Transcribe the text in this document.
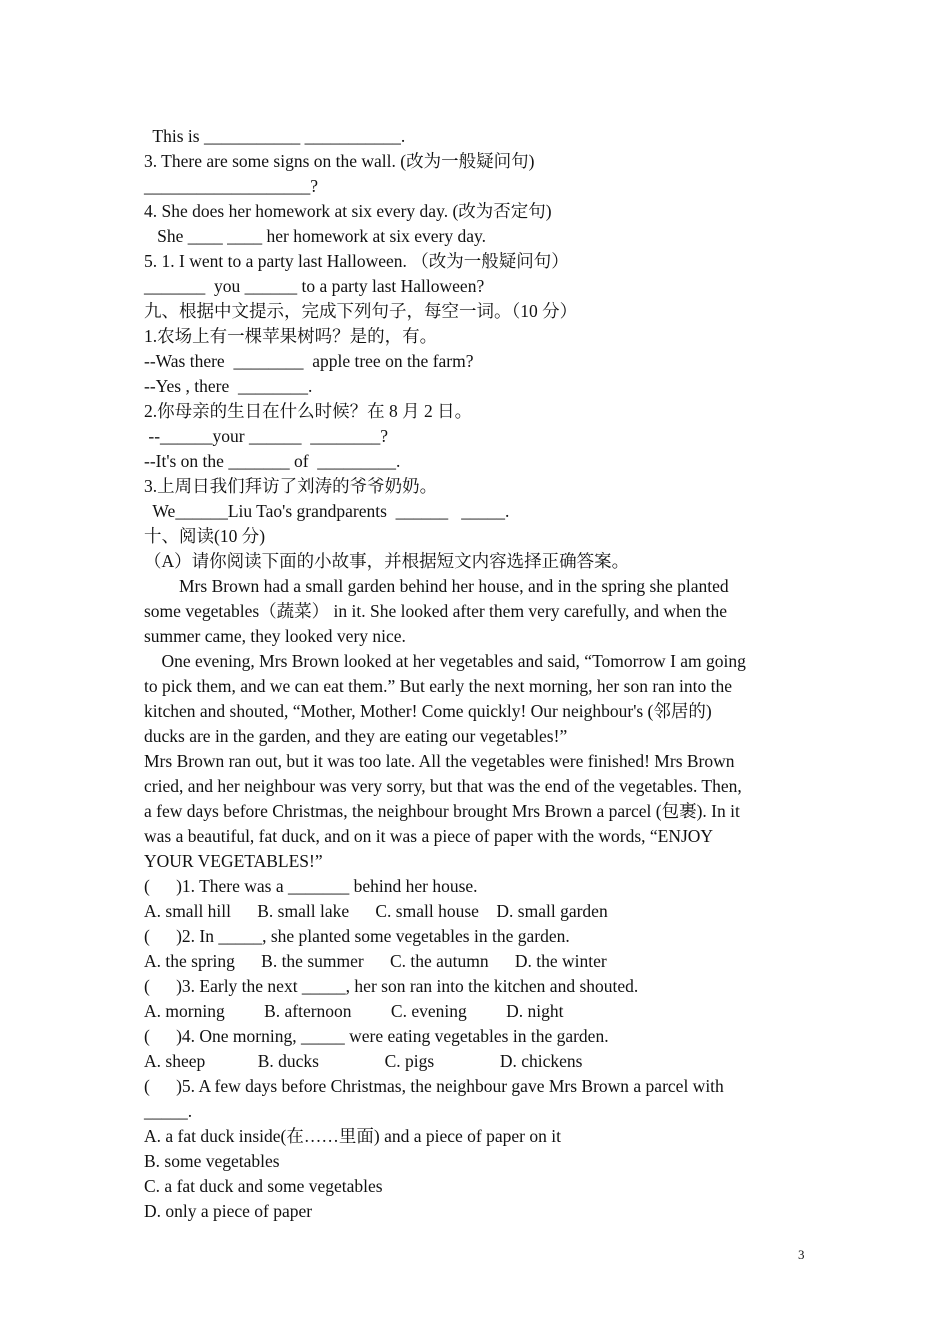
This is ___________ ___________.
3. There are some signs on the wall. (改为一般疑问句)
___________________?
4. She does her homework at six every day. (改为否定句)
She ____ ____ her homework at six every day.
5. 1. I went to a party last Halloween. （改为一般疑问句）
_______  you ______ to a party last Halloween?
九、根据中文提示，完成下列句子，每空一词。（10 分）
1.农场上有一棵苹果树吗？是的，有。
--Was there  ________  apple tree on the farm?
--Yes , there  ________.
2.你母亲的生日在什么时候？在 8 月 2 日。
--______your ______  ________?
--It's on the _______ of  _________.
3.上周日我们拜访了刘涛的爷爷奶奶。
We______Liu Tao's grandparents  ______   _____.
十、阅读(10 分)
（A）请你阅读下面的小故事，并根据短文内容选择正确答案。
Mrs Brown had a small garden behind her house, and in the spring she planted
some vegetables（蔬菜） in it. She looked after them very carefully, and when the
summer came, they looked very nice.
One evening, Mrs Brown looked at her vegetables and said, “Tomorrow I am going
to pick them, and we can eat them.” But early the next morning, her son ran into the
kitchen and shouted, “Mother, Mother! Come quickly! Our neighbour's (邻居的)
ducks are in the garden, and they are eating our vegetables!”
Mrs Brown ran out, but it was too late. All the vegetables were finished! Mrs Brown
cried, and her neighbour was very sorry, but that was the end of the vegetables. Then,
a few days before Christmas, the neighbour brought Mrs Brown a parcel (包裹). In it
was a beautiful, fat duck, and on it was a piece of paper with the words, “ENJOY
YOUR VEGETABLES!”
(      )1. There was a _______ behind her house.
A. small hill      B. small lake      C. small house    D. small garden
(      )2. In _____, she planted some vegetables in the garden.
A. the spring      B. the summer      C. the autumn      D. the winter
(      )3. Early the next _____, her son ran into the kitchen and shouted.
A. morning         B. afternoon         C. evening         D. night
(      )4. One morning, _____ were eating vegetables in the garden.
A. sheep            B. ducks               C. pigs               D. chickens
(      )5. A few days before Christmas, the neighbour gave Mrs Brown a parcel with
_____.
A. a fat duck inside(在……里面) and a piece of paper on it
B. some vegetables
C. a fat duck and some vegetables
D. only a piece of paper
3
